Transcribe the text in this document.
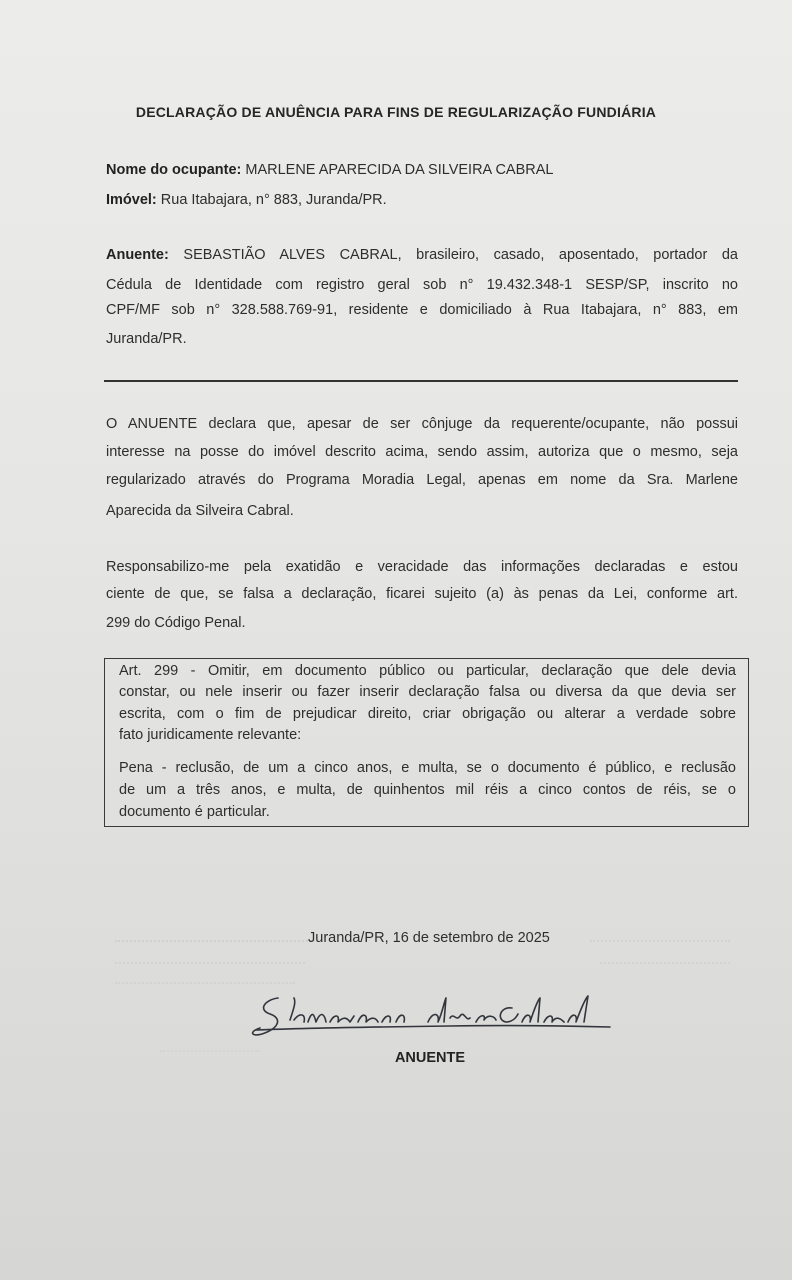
DECLARAÇÃO DE ANUÊNCIA PARA FINS DE REGULARIZAÇÃO FUNDIÁRIA
Nome do ocupante: MARLENE APARECIDA DA SILVEIRA CABRAL
Imóvel: Rua Itabajara, n° 883, Juranda/PR.
Anuente: SEBASTIÃO ALVES CABRAL, brasileiro, casado, aposentado, portador da
Cédula de Identidade com registro geral sob n° 19.432.348-1 SESP/SP, inscrito no
CPF/MF sob n° 328.588.769-91, residente e domiciliado à Rua Itabajara, n° 883, em
Juranda/PR.
O ANUENTE declara que, apesar de ser cônjuge da requerente/ocupante, não possui
interesse na posse do imóvel descrito acima, sendo assim, autoriza que o mesmo, seja
regularizado através do Programa Moradia Legal, apenas em nome da Sra. Marlene
Aparecida da Silveira Cabral.
Responsabilizo-me pela exatidão e veracidade das informações declaradas e estou
ciente de que, se falsa a declaração, ficarei sujeito (a) às penas da Lei, conforme art.
299 do Código Penal.
Art. 299 - Omitir, em documento público ou particular, declaração que dele devia
constar, ou nele inserir ou fazer inserir declaração falsa ou diversa da que devia ser
escrita, com o fim de prejudicar direito, criar obrigação ou alterar a verdade sobre
fato juridicamente relevante:
Pena - reclusão, de um a cinco anos, e multa, se o documento é público, e reclusão
de um a três anos, e multa, de quinhentos mil réis a cinco contos de réis, se o
documento é particular.
Juranda/PR, 16 de setembro de 2025
ANUENTE
